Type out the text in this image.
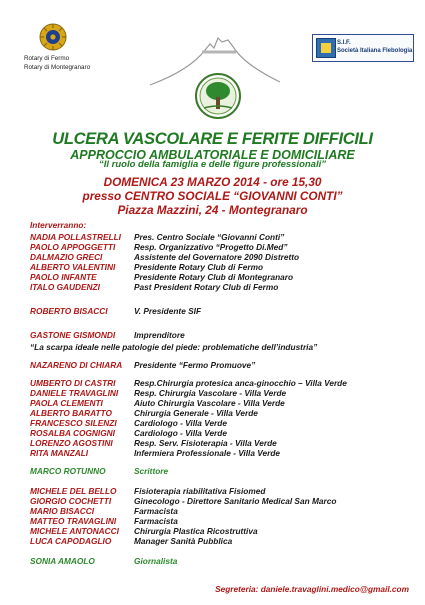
Rotary di Fermo
Rotary di Montegranaro
S.I.F.
Società Italiana Flebologia
ULCERA VASCOLARE E FERITE DIFFICILI
APPROCCIO AMBULATORIALE E DOMICILIARE
“Il ruolo della famiglia e delle figure professionali”
DOMENICA 23 MARZO 2014 - ore 15,30
presso CENTRO SOCIALE “GIOVANNI CONTI”
Piazza Mazzini, 24 - Montegranaro
Interverranno:
NADIA POLLASTRELLI	Pres. Centro Sociale “Giovanni Conti”
PAOLO APPOGGETTI	Resp. Organizzativo “Progetto Di.Med”
DALMAZIO GRECI	Assistente del Governatore 2090 Distretto
ALBERTO VALENTINI	Presidente Rotary Club di Fermo
PAOLO INFANTE	Presidente Rotary Club di Montegranaro
ITALO GAUDENZI	Past President Rotary Club di Fermo
ROBERTO BISACCI	V. Presidente SIF
GASTONE GISMONDI	Imprenditore
“La scarpa ideale nelle patologie del piede: problematiche dell’industria”
NAZARENO DI CHIARA	Presidente “Fermo Promuove”
UMBERTO DI CASTRI	Resp.Chirurgia protesica anca-ginocchio – Villa Verde
DANIELE TRAVAGLINI	Resp. Chirurgia Vascolare - Villa Verde
PAOLA CLEMENTI	Aiuto Chirurgia Vascolare - Villa Verde
ALBERTO BARATTO	Chirurgia Generale - Villa Verde
FRANCESCO SILENZI	Cardiologo - Villa Verde
ROSALBA COGNIGNI	Cardiologo - Villa Verde
LORENZO AGOSTINI	Resp. Serv. Fisioterapia - Villa Verde
RITA MANZALI	Infermiera Professionale - Villa Verde
MARCO ROTUNNO	Scrittore
MICHELE DEL BELLO	Fisioterapia riabilitativa Fisiomed
GIORGIO COCHETTI	Ginecologo - Direttore Sanitario Medical San Marco
MARIO BISACCI	Farmacista
MATTEO TRAVAGLINI	Farmacista
MICHELE ANTONACCI	Chirurgia Plastica Ricostruttiva
LUCA CAPODAGLIO	Manager Sanità Pubblica
SONIA AMAOLO	Giornalista
Segreteria: daniele.travaglini.medico@gmail.com
